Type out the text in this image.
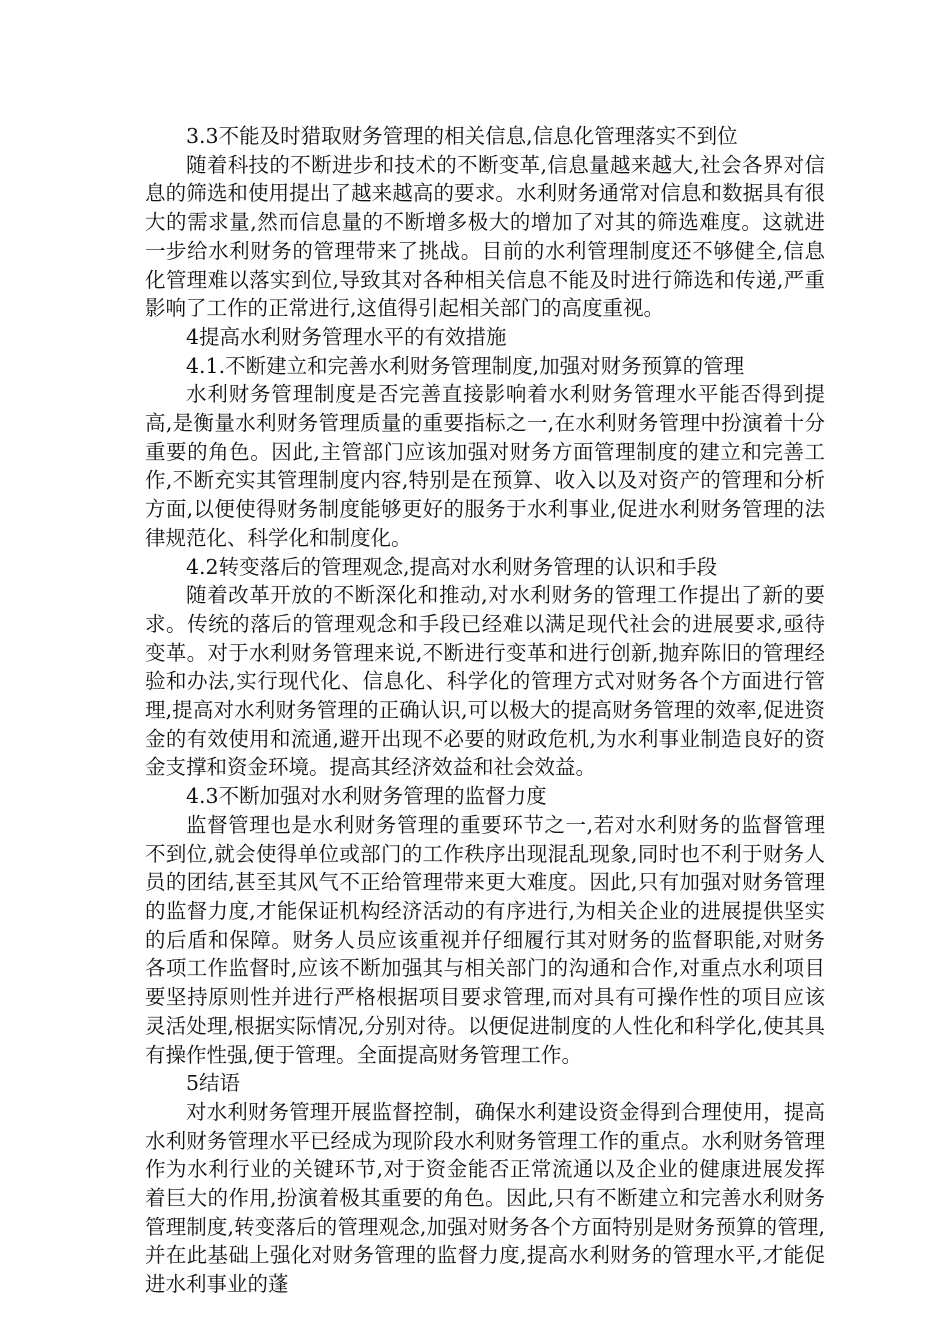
3.3不能及时猎取财务管理的相关信息,信息化管理落实不到位

随着科技的不断进步和技术的不断变革,信息量越来越大,社会各界对信息的筛选和使用提出了越来越高的要求。水利财务通常对信息和数据具有很大的需求量,然而信息量的不断增多极大的增加了对其的筛选难度。这就进一步给水利财务的管理带来了挑战。目前的水利管理制度还不够健全,信息化管理难以落实到位,导致其对各种相关信息不能及时进行筛选和传递,严重影响了工作的正常进行,这值得引起相关部门的高度重视。

4提高水利财务管理水平的有效措施

4.1.不断建立和完善水利财务管理制度,加强对财务预算的管理

水利财务管理制度是否完善直接影响着水利财务管理水平能否得到提高,是衡量水利财务管理质量的重要指标之一,在水利财务管理中扮演着十分重要的角色。因此,主管部门应该加强对财务方面管理制度的建立和完善工作,不断充实其管理制度内容,特别是在预算、收入以及对资产的管理和分析方面,以便使得财务制度能够更好的服务于水利事业,促进水利财务管理的法律规范化、科学化和制度化。

4.2转变落后的管理观念,提高对水利财务管理的认识和手段

随着改革开放的不断深化和推动,对水利财务的管理工作提出了新的要求。传统的落后的管理观念和手段已经难以满足现代社会的进展要求,亟待变革。对于水利财务管理来说,不断进行变革和进行创新,抛弃陈旧的管理经验和办法,实行现代化、信息化、科学化的管理方式对财务各个方面进行管理,提高对水利财务管理的正确认识,可以极大的提高财务管理的效率,促进资金的有效使用和流通,避开出现不必要的财政危机,为水利事业制造良好的资金支撑和资金环境。提高其经济效益和社会效益。

4.3不断加强对水利财务管理的监督力度

监督管理也是水利财务管理的重要环节之一,若对水利财务的监督管理不到位,就会使得单位或部门的工作秩序出现混乱现象,同时也不利于财务人员的团结,甚至其风气不正给管理带来更大难度。因此,只有加强对财务管理的监督力度,才能保证机构经济活动的有序进行,为相关企业的进展提供坚实的后盾和保障。财务人员应该重视并仔细履行其对财务的监督职能,对财务各项工作监督时,应该不断加强其与相关部门的沟通和合作,对重点水利项目要坚持原则性并进行严格根据项目要求管理,而对具有可操作性的项目应该灵活处理,根据实际情况,分别对待。以便促进制度的人性化和科学化,使其具有操作性强,便于管理。全面提高财务管理工作。

5结语

对水利财务管理开展监督控制，确保水利建设资金得到合理使用，提高水利财务管理水平已经成为现阶段水利财务管理工作的重点。水利财务管理作为水利行业的关键环节,对于资金能否正常流通以及企业的健康进展发挥着巨大的作用,扮演着极其重要的角色。因此,只有不断建立和完善水利财务管理制度,转变落后的管理观念,加强对财务各个方面特别是财务预算的管理,并在此基础上强化对财务管理的监督力度,提高水利财务的管理水平,才能促进水利事业的蓬
